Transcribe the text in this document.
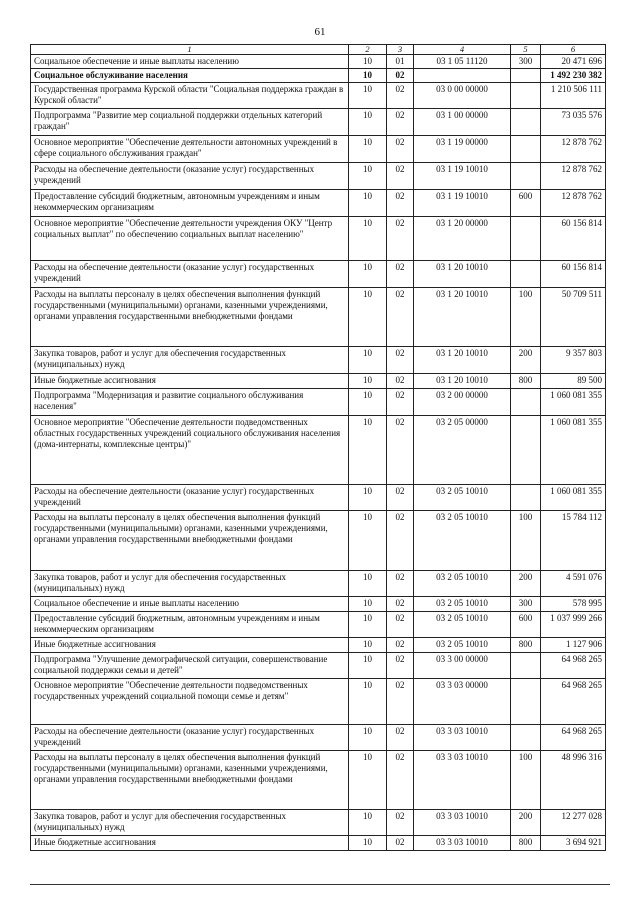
61
1	2	3	4	5	6
Социальное обеспечение и иные выплаты населению	10	01	03 1 05 11120	300	20 471 696
Социальное обслуживание населения	10	02			1 492 230 382
Государственная программа Курской области "Социальная поддержка граждан в Курской области"	10	02	03 0 00 00000		1 210 506 111
Подпрограмма "Развитие мер социальной поддержки отдельных категорий граждан"	10	02	03 1 00 00000		73 035 576
Основное мероприятие "Обеспечение деятельности автономных учреждений в сфере социального обслуживания граждан"	10	02	03 1 19 00000		12 878 762
Расходы на обеспечение деятельности (оказание услуг) государственных учреждений	10	02	03 1 19 10010		12 878 762
Предоставление субсидий бюджетным, автономным учреждениям и иным некоммерческим организациям	10	02	03 1 19 10010	600	12 878 762
Основное мероприятие "Обеспечение деятельности учреждения ОКУ "Центр социальных выплат" по обеспечению социальных выплат населению"	10	02	03 1 20 00000		60 156 814
Расходы на обеспечение деятельности (оказание услуг) государственных учреждений	10	02	03 1 20 10010		60 156 814
Расходы на выплаты персоналу в целях обеспечения выполнения функций государственными (муниципальными) органами, казенными учреждениями, органами управления государственными внебюджетными фондами	10	02	03 1 20 10010	100	50 709 511
Закупка товаров, работ и услуг для обеспечения государственных (муниципальных) нужд	10	02	03 1 20 10010	200	9 357 803
Иные бюджетные ассигнования	10	02	03 1 20 10010	800	89 500
Подпрограмма "Модернизация и развитие социального обслуживания населения"	10	02	03 2 00 00000		1 060 081 355
Основное мероприятие "Обеспечение деятельности подведомственных областных государственных учреждений социального обслуживания населения (дома-интернаты, комплексные центры)"	10	02	03 2 05 00000		1 060 081 355
Расходы на обеспечение деятельности (оказание услуг) государственных учреждений	10	02	03 2 05 10010		1 060 081 355
Расходы на выплаты персоналу в целях обеспечения выполнения функций государственными (муниципальными) органами, казенными учреждениями, органами управления государственными внебюджетными фондами	10	02	03 2 05 10010	100	15 784 112
Закупка товаров, работ и услуг для обеспечения государственных (муниципальных) нужд	10	02	03 2 05 10010	200	4 591 076
Социальное обеспечение и иные выплаты населению	10	02	03 2 05 10010	300	578 995
Предоставление субсидий бюджетным, автономным учреждениям и иным некоммерческим организациям	10	02	03 2 05 10010	600	1 037 999 266
Иные бюджетные ассигнования	10	02	03 2 05 10010	800	1 127 906
Подпрограмма "Улучшение демографической ситуации, совершенствование социальной поддержки семьи и детей"	10	02	03 3 00 00000		64 968 265
Основное мероприятие "Обеспечение деятельности подведомственных государственных учреждений социальной помощи семье и детям"	10	02	03 3 03 00000		64 968 265
Расходы на обеспечение деятельности (оказание услуг) государственных учреждений	10	02	03 3 03 10010		64 968 265
Расходы на выплаты персоналу в целях обеспечения выполнения функций государственными (муниципальными) органами, казенными учреждениями, органами управления государственными внебюджетными фондами	10	02	03 3 03 10010	100	48 996 316
Закупка товаров, работ и услуг для обеспечения государственных (муниципальных) нужд	10	02	03 3 03 10010	200	12 277 028
Иные бюджетные ассигнования	10	02	03 3 03 10010	800	3 694 921
